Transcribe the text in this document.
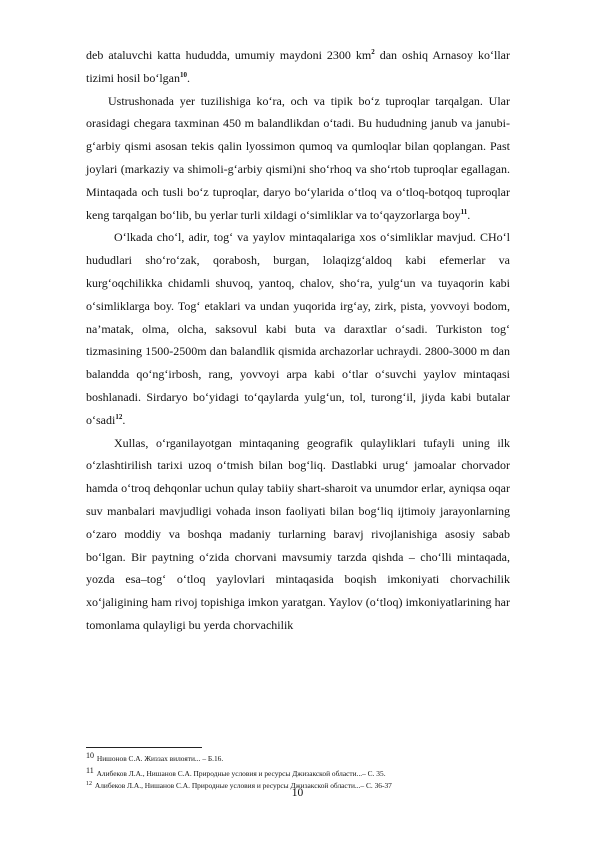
deb ataluvchi katta hududda, umumiy maydoni 2300 $km^2$ dan oshiq Arnasoy ko‘llar tizimi hosil bo‘lgan$^{10}$.

Ustrushonada yer tuzilishiga ko‘ra, och va tipik bo‘z tuproqlar tarqalgan. Ular orasidagi chegara taxminan 450 m balandlikdan o‘tadi. Bu hududning janub va janubi-g‘arbiy qismi asosan tekis qalin lyossimon qumoq va qumloqlar bilan qoplangan. Past joylari (markaziy va shimoli-g‘arbiy qismi)ni sho‘rhoq va sho‘rtob tuproqlar egallagan. Mintaqada och tusli bo‘z tuproqlar, daryo bo‘ylarida o‘tloq va o‘tloq-botqoq tuproqlar keng tarqalgan bo‘lib, bu yerlar turli xildagi o‘simliklar va to‘qayzorlarga boy$^{11}$.

O‘lkada cho‘l, adir, tog‘ va yaylov mintaqalariga xos o‘simliklar mavjud. CHo‘l hududlari sho‘ro‘zak, qorabosh, burgan, lolaqizg‘aldoq kabi efemerlar va kurg‘oqchilikka chidamli shuvoq, yantoq, chalov, sho‘ra, yulg‘un va tuyaqorin kabi o‘simliklarga boy. Tog‘ etaklari va undan yuqorida irg‘ay, zirk, pista, yovvoyi bodom, na’matak, olma, olcha, saksovul kabi buta va daraxtlar o‘sadi. Turkiston tog‘ tizmasining 1500-2500m dan balandlik qismida archazorlar uchraydi. 2800-3000 m dan balandda qo‘ng‘irbosh, rang, yovvoyi arpa kabi o‘tlar o‘suvchi yaylov mintaqasi boshlanadi. Sirdaryo bo‘yidagi to‘qaylarda yulg‘un, tol, turong‘il, jiyda kabi butalar o‘sadi$^{12}$.

Xullas, o‘rganilayotgan mintaqaning geografik qulayliklari tufayli uning ilk o‘zlashtirilish tarixi uzoq o‘tmish bilan bog‘liq. Dastlabki urug‘ jamoalar chorvador hamda o‘troq dehqonlar uchun qulay tabiiy shart-sharoit va unumdor erlar, ayniqsa oqar suv manbalari mavjudligi vohada inson faoliyati bilan bog‘liq ijtimoiy jarayonlarning o‘zaro moddiy va boshqa madaniy turlarning baravj rivojlanishiga asosiy sabab bo‘lgan. Bir paytning o‘zida chorvani mavsumiy tarzda qishda – cho‘lli mintaqada, yozda esa–tog‘ o‘tloq yaylovlari mintaqasida boqish imkoniyati chorvachilik xo‘jaligining ham rivoj topishiga imkon yaratgan. Yaylov (o‘tloq) imkoniyatlarining har tomonlama qulayligi bu yerda chorvachilik

10 Нишонов С.А. Жиззах вилояти... – Б.16.

11 Алибеков Л.А., Нишанов С.А. Природные условия и ресурсы Джизакской области...– С. 35.

$^{12}$ Алибеков Л.А., Нишанов С.А. Природные условия и ресурсы Джизакской области...– С. 36-37

10
